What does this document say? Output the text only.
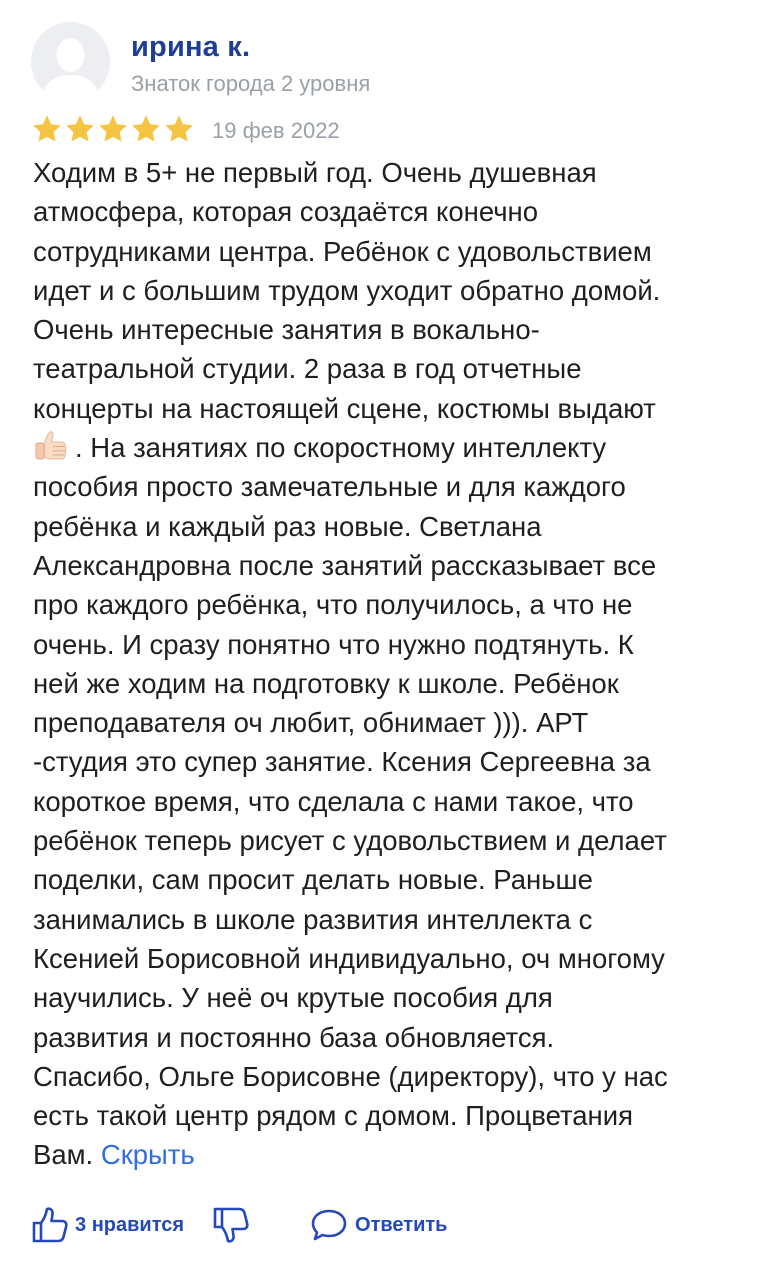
ирина к.
Знаток города 2 уровня
19 фев 2022
Ходим в 5+ не первый год. Очень душевная
атмосфера, которая создаётся конечно
сотрудниками центра. Ребёнок с удовольствием
идет и с большим трудом уходит обратно домой.
Очень интересные занятия в вокально-
театральной студии. 2 раза в год отчетные
концерты на настоящей сцене, костюмы выдают
. На занятиях по скоростному интеллекту
пособия просто замечательные и для каждого
ребёнка и каждый раз новые. Светлана
Александровна после занятий рассказывает все
про каждого ребёнка, что получилось, а что не
очень. И сразу понятно что нужно подтянуть. К
ней же ходим на подготовку к школе. Ребёнок
преподавателя оч любит, обнимает ))). АРТ
-студия это супер занятие. Ксения Сергеевна за
короткое время, что сделала с нами такое, что
ребёнок теперь рисует с удовольствием и делает
поделки, сам просит делать новые. Раньше
занимались в школе развития интеллекта с
Ксенией Борисовной индивидуально, оч многому
научились. У неё оч крутые пособия для
развития и постоянно база обновляется.
Спасибо, Ольге Борисовне (директору), что у нас
есть такой центр рядом с домом. Процветания
Вам. Скрыть
3
нравится	Ответить
